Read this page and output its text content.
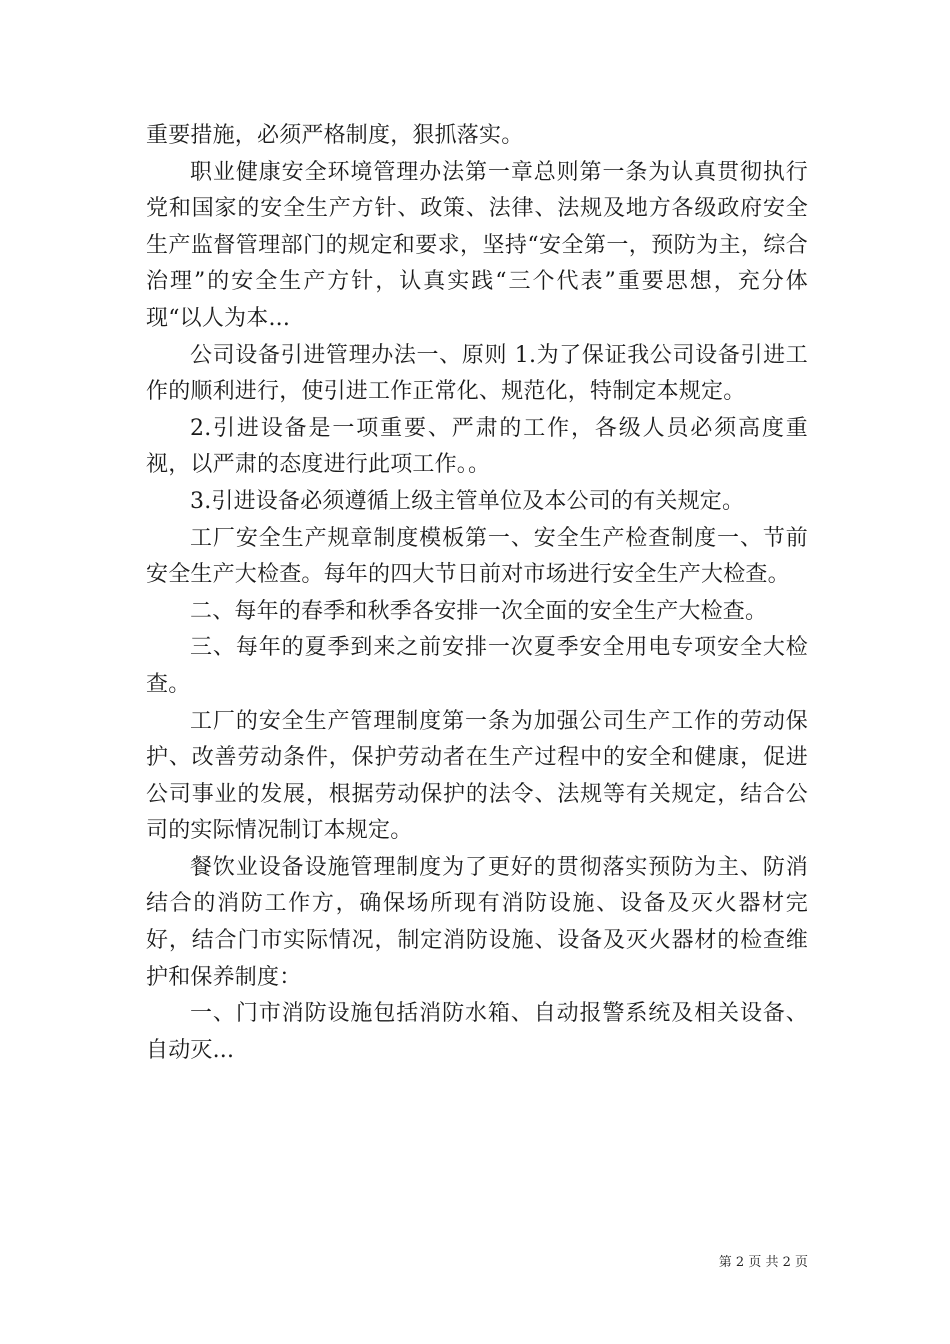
重要措施，必须严格制度，狠抓落实。

职业健康安全环境管理办法第一章总则第一条为认真贯彻执行党和国家的安全生产方针、政策、法律、法规及地方各级政府安全生产监督管理部门的规定和要求，坚持“安全第一，预防为主，综合治理”的安全生产方针，认真实践“三个代表”重要思想，充分体现“以人为本...

公司设备引进管理办法一、原则 1.为了保证我公司设备引进工作的顺利进行，使引进工作正常化、规范化，特制定本规定。

2.引进设备是一项重要、严肃的工作，各级人员必须高度重视，以严肃的态度进行此项工作。。

3.引进设备必须遵循上级主管单位及本公司的有关规定。

工厂安全生产规章制度模板第一、安全生产检查制度一、节前安全生产大检查。每年的四大节日前对市场进行安全生产大检查。

二、每年的春季和秋季各安排一次全面的安全生产大检查。

三、每年的夏季到来之前安排一次夏季安全用电专项安全大检查。

工厂的安全生产管理制度第一条为加强公司生产工作的劳动保护、改善劳动条件，保护劳动者在生产过程中的安全和健康，促进公司事业的发展，根据劳动保护的法令、法规等有关规定，结合公司的实际情况制订本规定。

餐饮业设备设施管理制度为了更好的贯彻落实预防为主、防消结合的消防工作方，确保场所现有消防设施、设备及灭火器材完好，结合门市实际情况，制定消防设施、设备及灭火器材的检查维护和保养制度：

一、门市消防设施包括消防水箱、自动报警系统及相关设备、自动灭...

第 2 页 共 2 页
